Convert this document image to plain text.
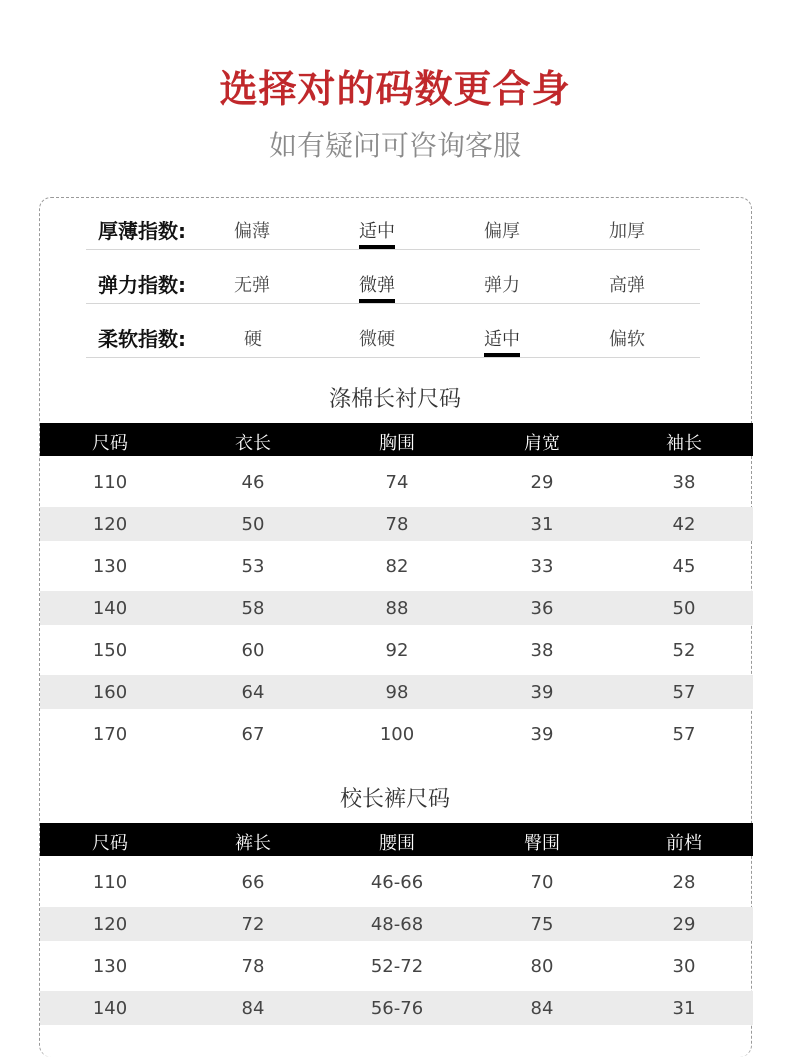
选择对的码数更合身
如有疑问可咨询客服
厚薄指数:	偏薄	适中	偏厚	加厚
弹力指数:	无弹	微弹	弹力	高弹
柔软指数:	硬	微硬	适中	偏软
涤棉长衬尺码
尺码	衣长	胸围	肩宽	袖长
110	46	74	29	38
120	50	78	31	42
130	53	82	33	45
140	58	88	36	50
150	60	92	38	52
160	64	98	39	57
170	67	100	39	57
校长裤尺码
尺码	裤长	腰围	臀围	前档
110	66	46-66	70	28
120	72	48-68	75	29
130	78	52-72	80	30
140	84	56-76	84	31
